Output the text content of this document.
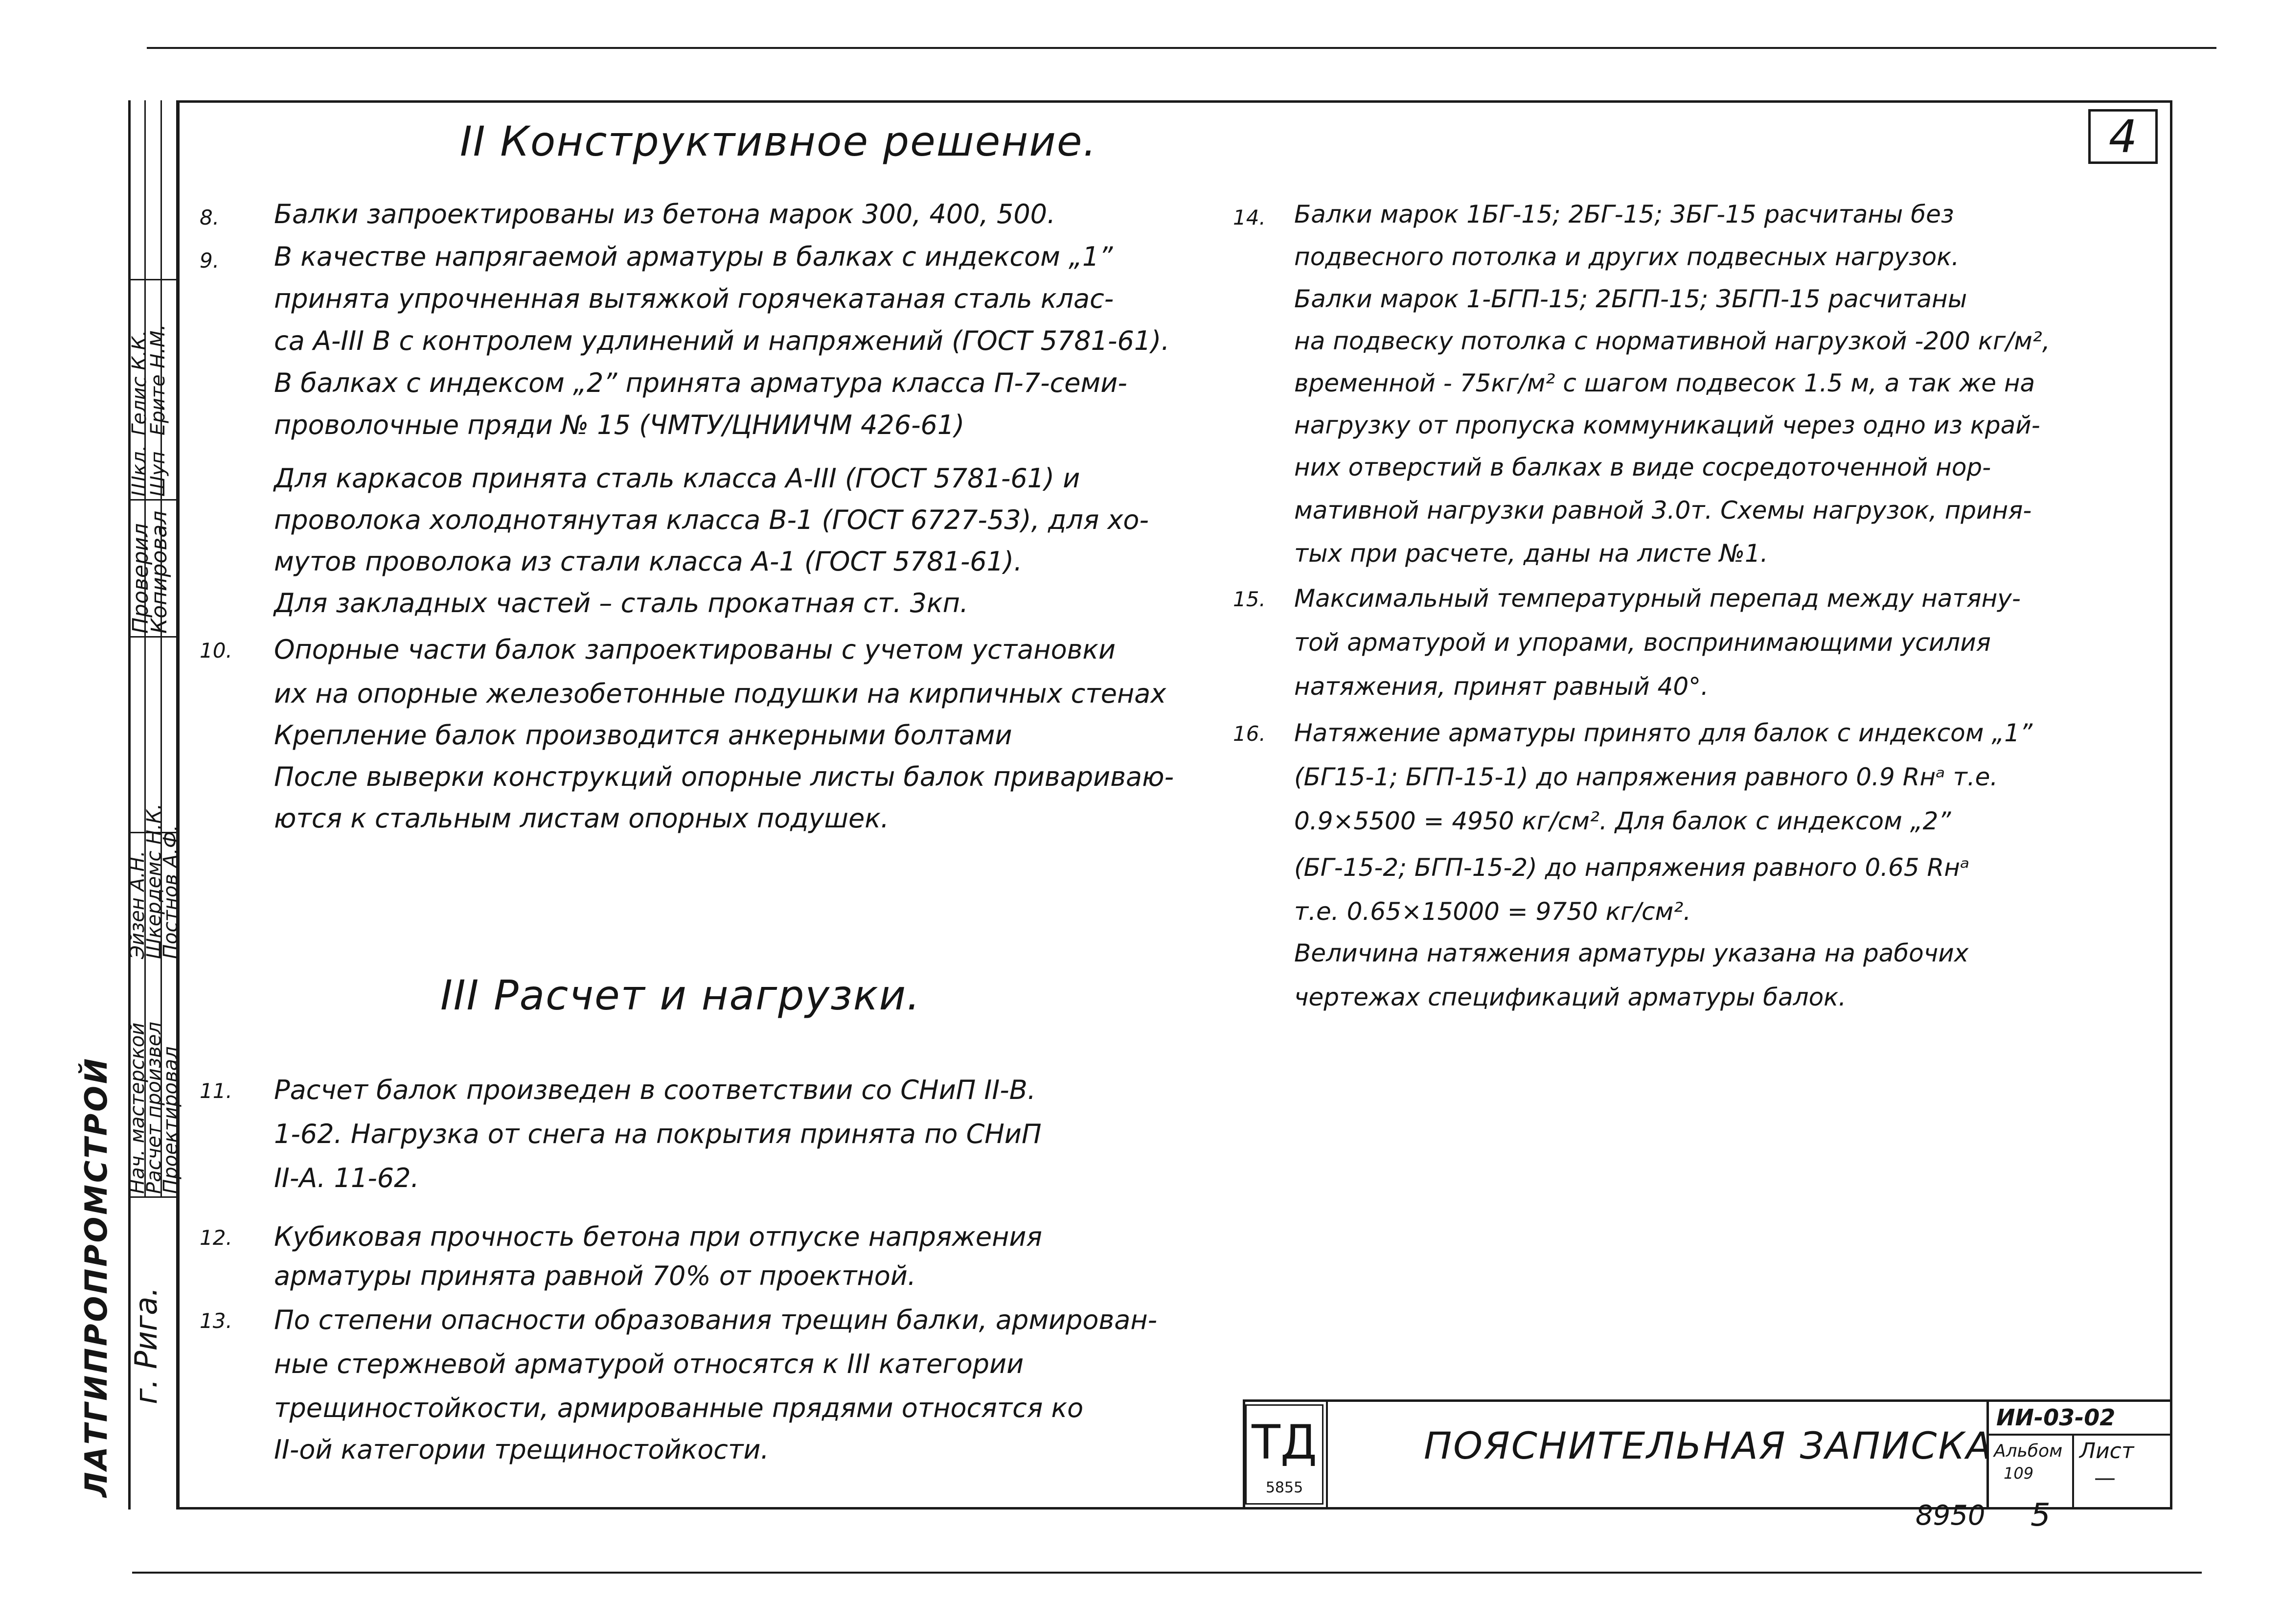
Нач. мастерской
Расчет произвел
Проектировал
Эйзен А.Н.
Шкердемс Н.К.
Постнов А.Ф.
Проверил
Копировал
Шкл.
Шуп
Гелис К.К.
Ерите Н.М.
ЛАТГИПРОПРОМСТРОЙ г. Рига.
4
II Конструктивное решение.
8. Балки запроектированы из бетона марок 300, 400, 500.
9. В качестве напрягаемой арматуры в балках с индексом „1”
принята упрочненная вытяжкой горячекатаная сталь клас-
са А-III В с контролем удлинений и напряжений (ГОСТ 5781-61).
В балках с индексом „2” принята арматура класса П-7-семи-
проволочные пряди № 15 (ЧМТУ/ЦНИИЧМ 426-61)
Для каркасов принята сталь класса А-III (ГОСТ 5781-61) и
проволока холоднотянутая класса В-1 (ГОСТ 6727-53), для хо-
мутов проволока из стали класса А-1 (ГОСТ 5781-61).
Для закладных частей – сталь прокатная ст. 3кп.
10. Опорные части балок запроектированы с учетом установки
их на опорные железобетонные подушки на кирпичных стенах
Крепление балок производится анкерными болтами
После выверки конструкций опорные листы балок привариваю-
ются к стальным листам опорных подушек.
III Расчет и нагрузки.
11. Расчет балок произведен в соответствии со СНиП II-В.
1-62. Нагрузка от снега на покрытия принята по СНиП
II-А. 11-62.
12. Кубиковая прочность бетона при отпуске напряжения
арматуры принята равной 70% от проектной.
13. По степени опасности образования трещин балки, армирован-
ные стержневой арматурой относятся к III категории
трещиностойкости, армированные прядями относятся ко
II-ой категории трещиностойкости.
14. Балки марок 1БГ-15; 2БГ-15; 3БГ-15 расчитаны без
подвесного потолка и других подвесных нагрузок.
Балки марок 1-БГП-15; 2БГП-15; 3БГП-15 расчитаны
на подвеску потолка с нормативной нагрузкой -200 кг/м²,
временной - 75кг/м² с шагом подвесок 1.5 м, а так же на
нагрузку от пропуска коммуникаций через одно из край-
них отверстий в балках в виде сосредоточенной нор-
мативной нагрузки равной 3.0т. Схемы нагрузок, приня-
тых при расчете, даны на листе №1.
15. Максимальный температурный перепад между натяну-
той арматурой и упорами, воспринимающими усилия
натяжения, принят равный 40°.
16. Натяжение арматуры принято для балок с индексом „1”
(БГ15-1; БГП-15-1) до напряжения равного 0.9 Rнᵃ т.е.
0.9×5500 = 4950 кг/см². Для балок с индексом „2”
(БГ-15-2; БГП-15-2) до напряжения равного 0.65 Rнᵃ
т.е. 0.65×15000 = 9750 кг/см².
Величина натяжения арматуры указана на рабочих
чертежах спецификаций арматуры балок.
ТД
5855
ПОЯСНИТЕЛЬНАЯ ЗАПИСКА
ИИ-03-02
Альбом
109
Лист
—
8950 5
